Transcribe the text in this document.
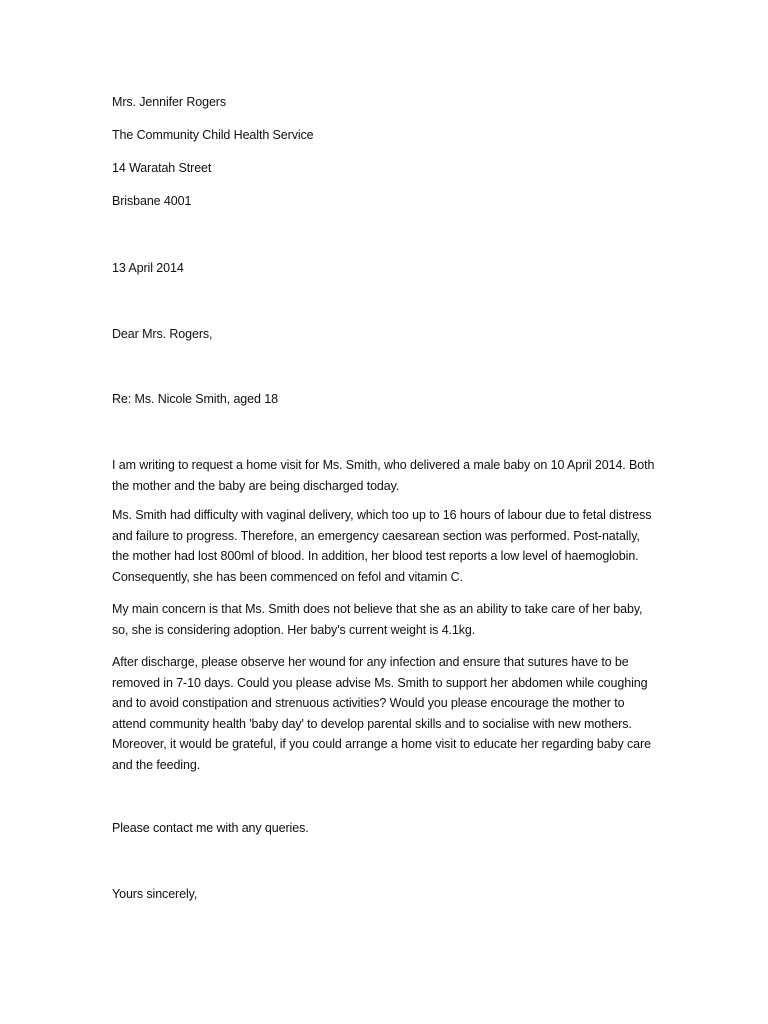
Mrs. Jennifer Rogers
The Community Child Health Service
14 Waratah Street
Brisbane 4001
13 April 2014
Dear Mrs. Rogers,
Re: Ms. Nicole Smith, aged 18
I am writing to request a home visit for Ms. Smith, who delivered a male baby on 10 April 2014. Both the mother and the baby are being discharged today.
Ms. Smith had difficulty with vaginal delivery, which too up to 16 hours of labour due to fetal distress and failure to progress. Therefore, an emergency caesarean section was performed. Post-natally, the mother had lost 800ml of blood. In addition, her blood test reports a low level of haemoglobin. Consequently, she has been commenced on fefol and vitamin C.
My main concern is that Ms. Smith does not believe that she as an ability to take care of her baby, so, she is considering adoption. Her baby's current weight is 4.1kg.
After discharge, please observe her wound for any infection and ensure that sutures have to be removed in 7-10 days. Could you please advise Ms. Smith to support her abdomen while coughing and to avoid constipation and strenuous activities? Would you please encourage the mother to attend community health 'baby day' to develop parental skills and to socialise with new mothers. Moreover, it would be grateful, if you could arrange a home visit to educate her regarding baby care and the feeding.
Please contact me with any queries.
Yours sincerely,
